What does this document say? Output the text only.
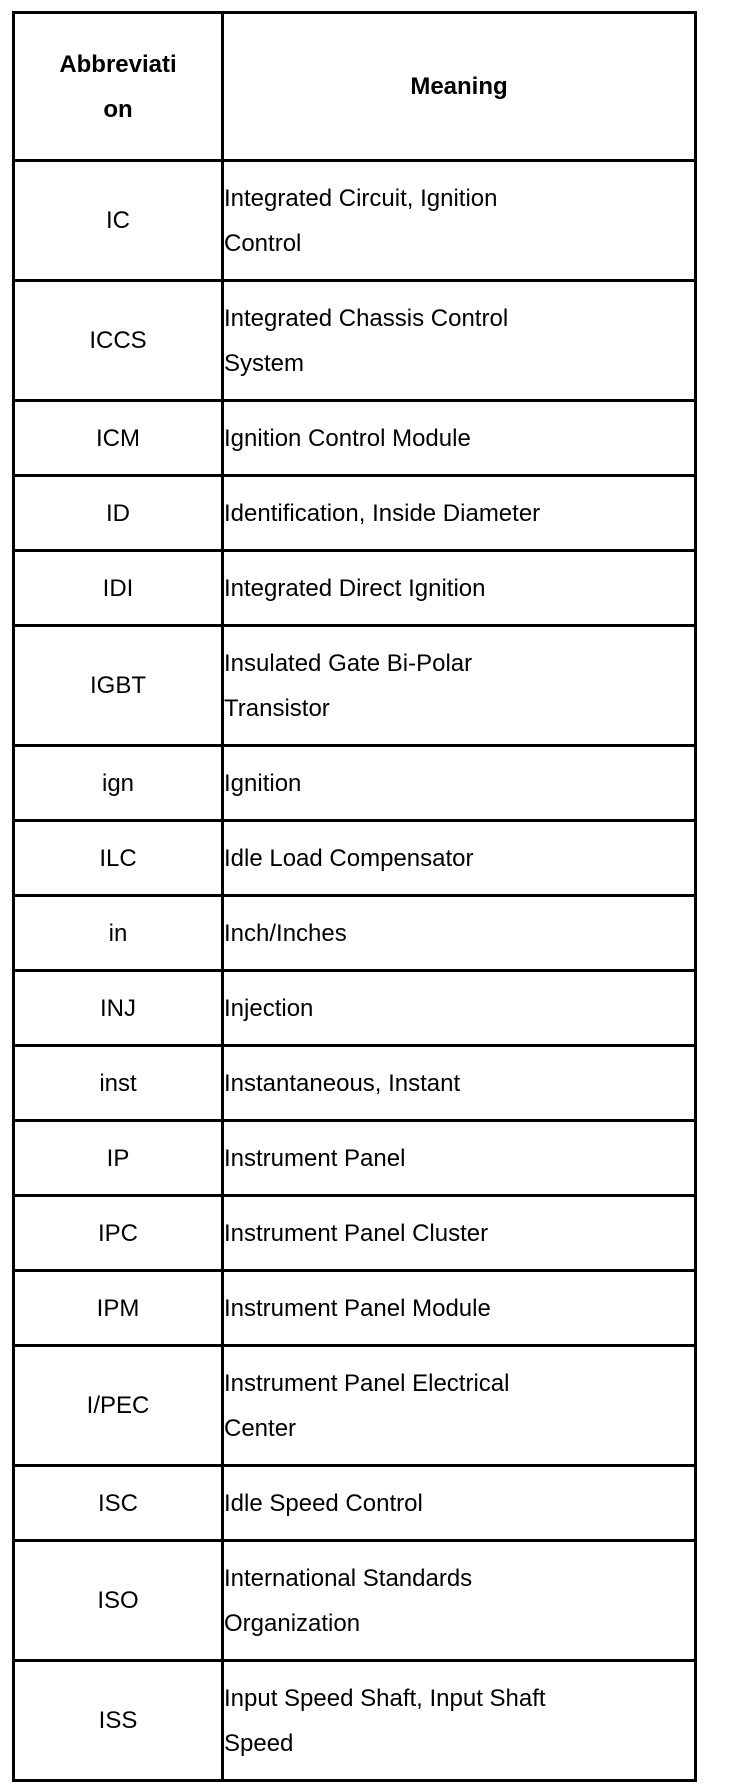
Abbreviati
on	Meaning
IC	Integrated Circuit, Ignition
Control

ICCS	Integrated Chassis Control
System

ICM	Ignition Control Module

ID	Identification, Inside Diameter

IDI	Integrated Direct Ignition

IGBT	Insulated Gate Bi-Polar
Transistor

ign	Ignition

ILC	Idle Load Compensator

in	Inch/Inches

INJ	Injection

inst	Instantaneous, Instant

IP	Instrument Panel

IPC	Instrument Panel Cluster

IPM	Instrument Panel Module

I/PEC	Instrument Panel Electrical
Center

ISC	Idle Speed Control

ISO	International Standards
Organization

ISS	Input Speed Shaft, Input Shaft
Speed
